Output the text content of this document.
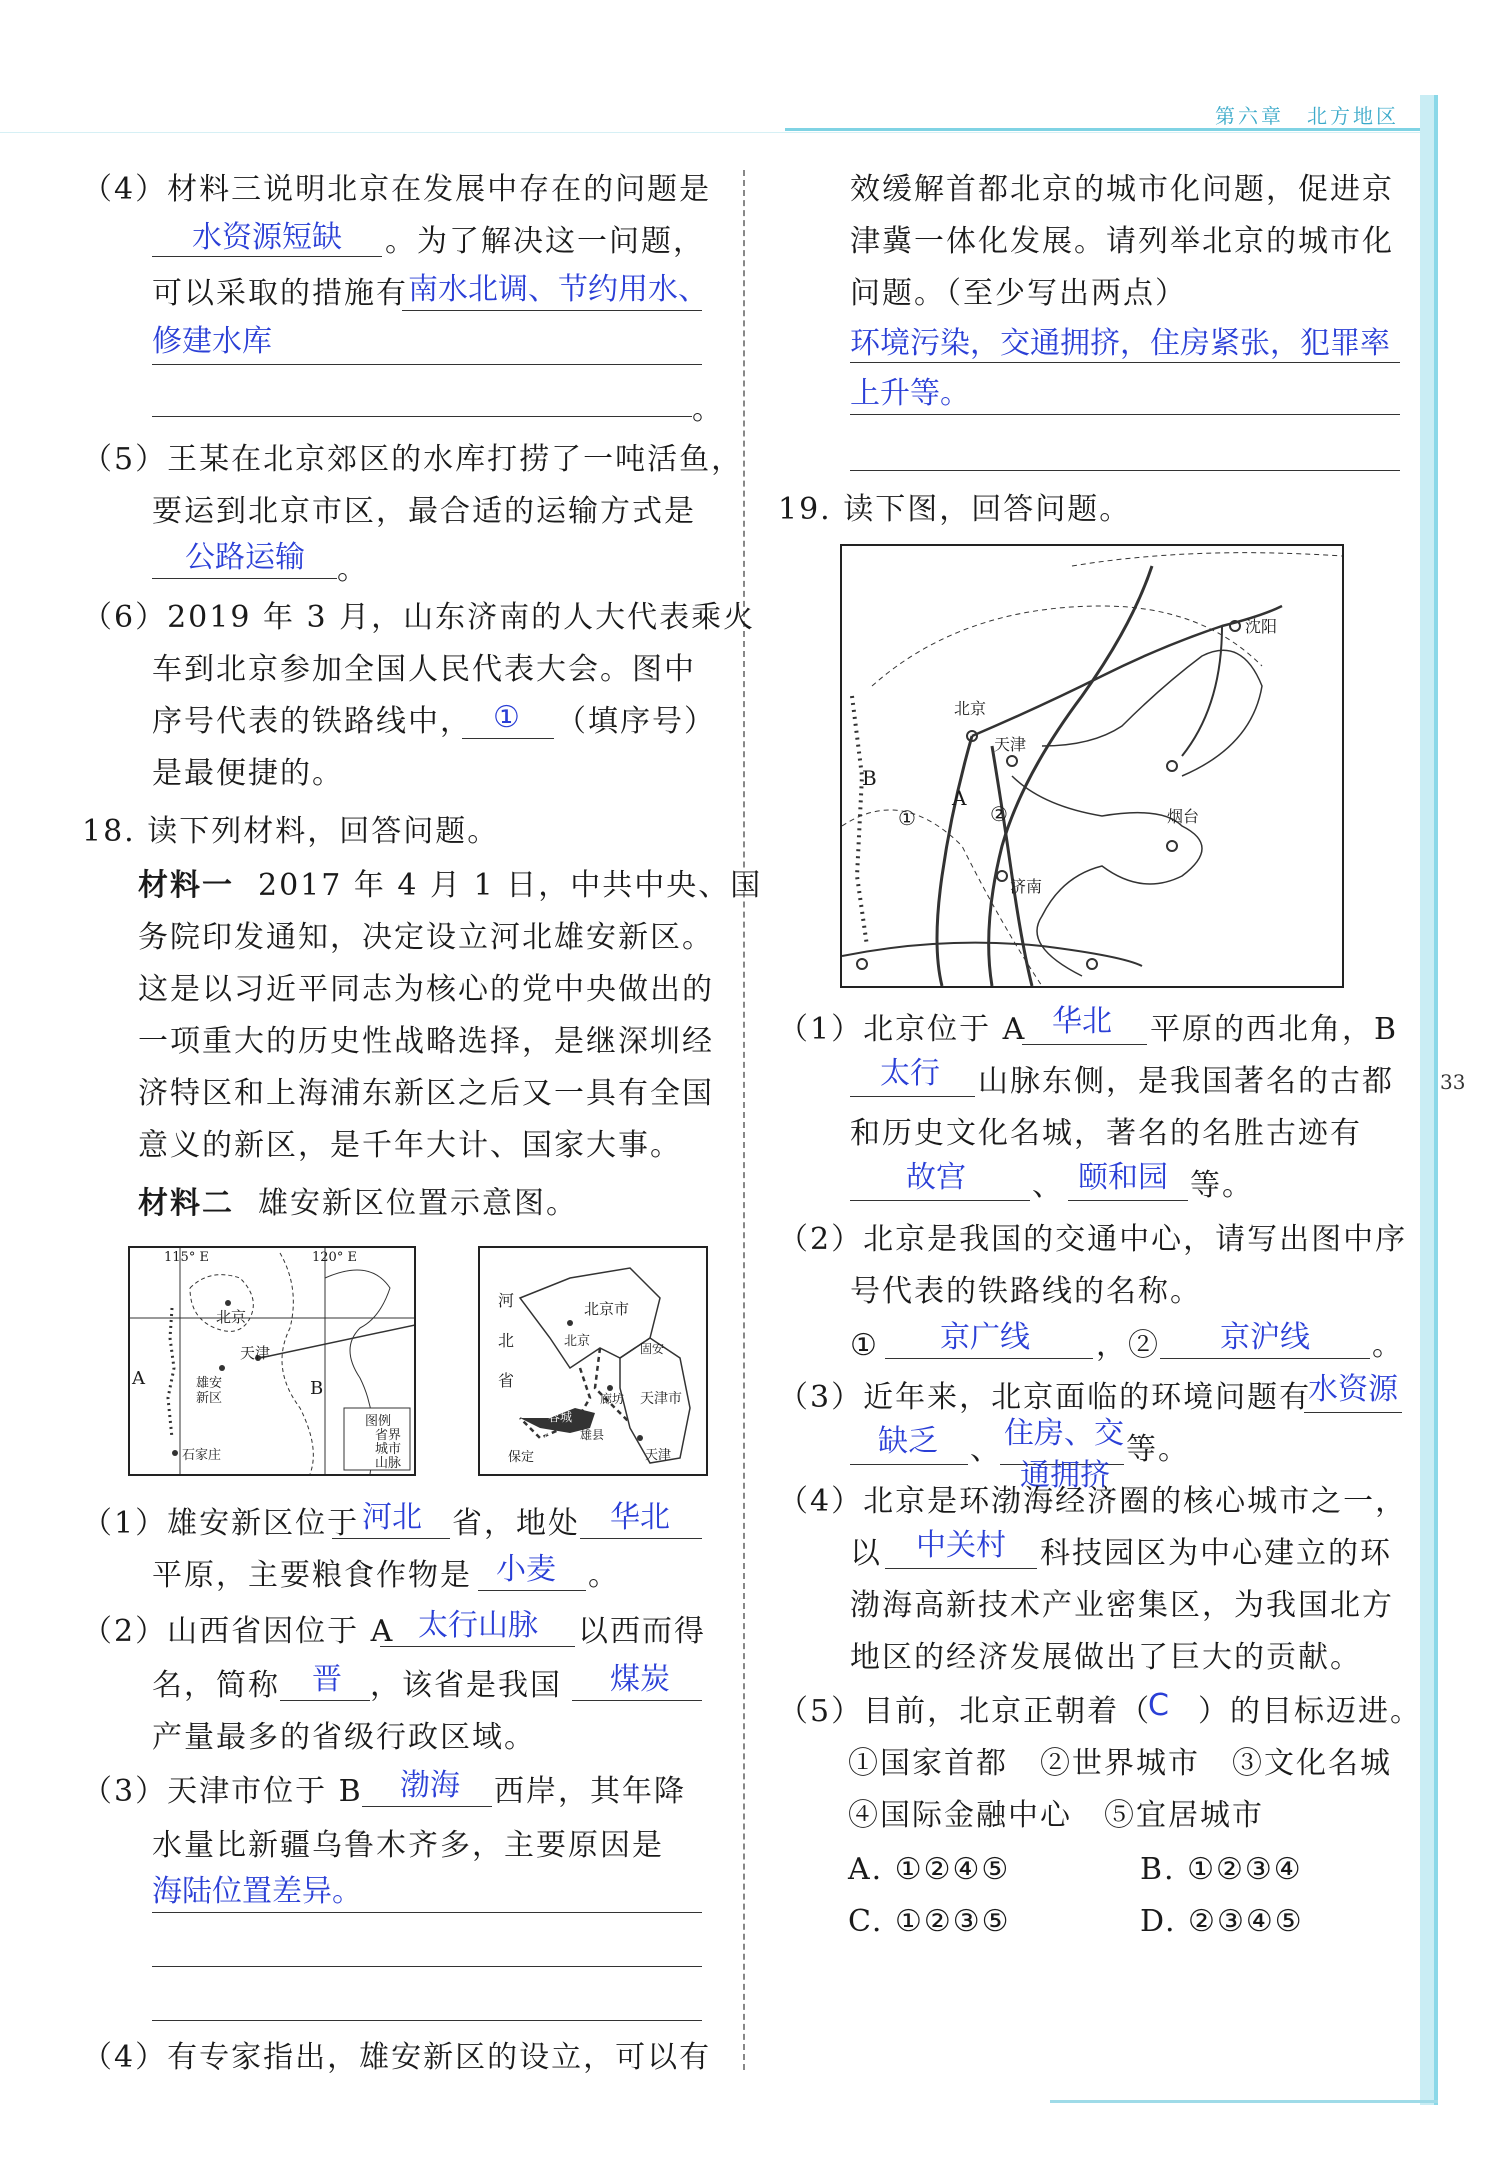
第六章　北方地区
33
（4）材料三说明北京在发展中存在的问题是
水资源短缺 。为了解决这一问题，
可以采取的措施有 南水北调、节约用水、
修建水库
。
（5）王某在北京郊区的水库打捞了一吨活鱼，
要运到北京市区，最合适的运输方式是
公路运输 。
（6）2019 年 3 月，山东济南的人大代表乘火
车到北京参加全国人民代表大会。图中
序号代表的铁路线中， ① （填序号）
是最便捷的。
18. 读下列材料，回答问题。
材料一 2017 年 4 月 1 日，中共中央、国
务院印发通知，决定设立河北雄安新区。
这是以习近平同志为核心的党中央做出的
一项重大的历史性战略选择，是继深圳经
济特区和上海浦东新区之后又一具有全国
意义的新区，是千年大计、国家大事。
材料二 雄安新区位置示意图。
115° E	120° E
北京
天津
雄安新区
石家庄
A	B
图例
省界
城市
山脉
河
北
省
北京市
北京
天津市
廊坊
天津
容城
雄县
安新
保定
固安
（1）雄安新区位于 河北 省，地处 华北
平原，主要粮食作物是 小麦 。
（2）山西省因位于 A 太行山脉 以西而得
名，简称 晋 ，该省是我国 煤炭
产量最多的省级行政区域。
（3）天津市位于 B 渤海 西岸，其年降
水量比新疆乌鲁木齐多，主要原因是
海陆位置差异。
（4）有专家指出，雄安新区的设立，可以有
效缓解首都北京的城市化问题，促进京
津冀一体化发展。请列举北京的城市化
问题。（至少写出两点）
环境污染，交通拥挤，住房紧张，犯罪率
上升等。
19. 读下图，回答问题。
沈阳
北京
天津
烟台
济南
A
B
①	②
（1）北京位于 A 华北 平原的西北角，B
太行 山脉东侧，是我国著名的古都
和历史文化名城，著名的名胜古迹有
故宫 、 颐和园 等。
（2）北京是我国的交通中心，请写出图中序
号代表的铁路线的名称。
① 京广线 ，② 京沪线 。
（3）近年来，北京面临的环境问题有
水资源
缺乏 、 住房、交
通拥挤
等。
（4）北京是环渤海经济圈的核心城市之一，
以 中关村 科技园区为中心建立的环
渤海高新技术产业密集区，为我国北方
地区的经济发展做出了巨大的贡献。
（5）目前，北京正朝着（
C ）的目标迈进。
①国家首都　②世界城市　③文化名城
④国际金融中心　⑤宜居城市
A. ①②④⑤	B. ①②③④
C. ①②③⑤	D. ②③④⑤
